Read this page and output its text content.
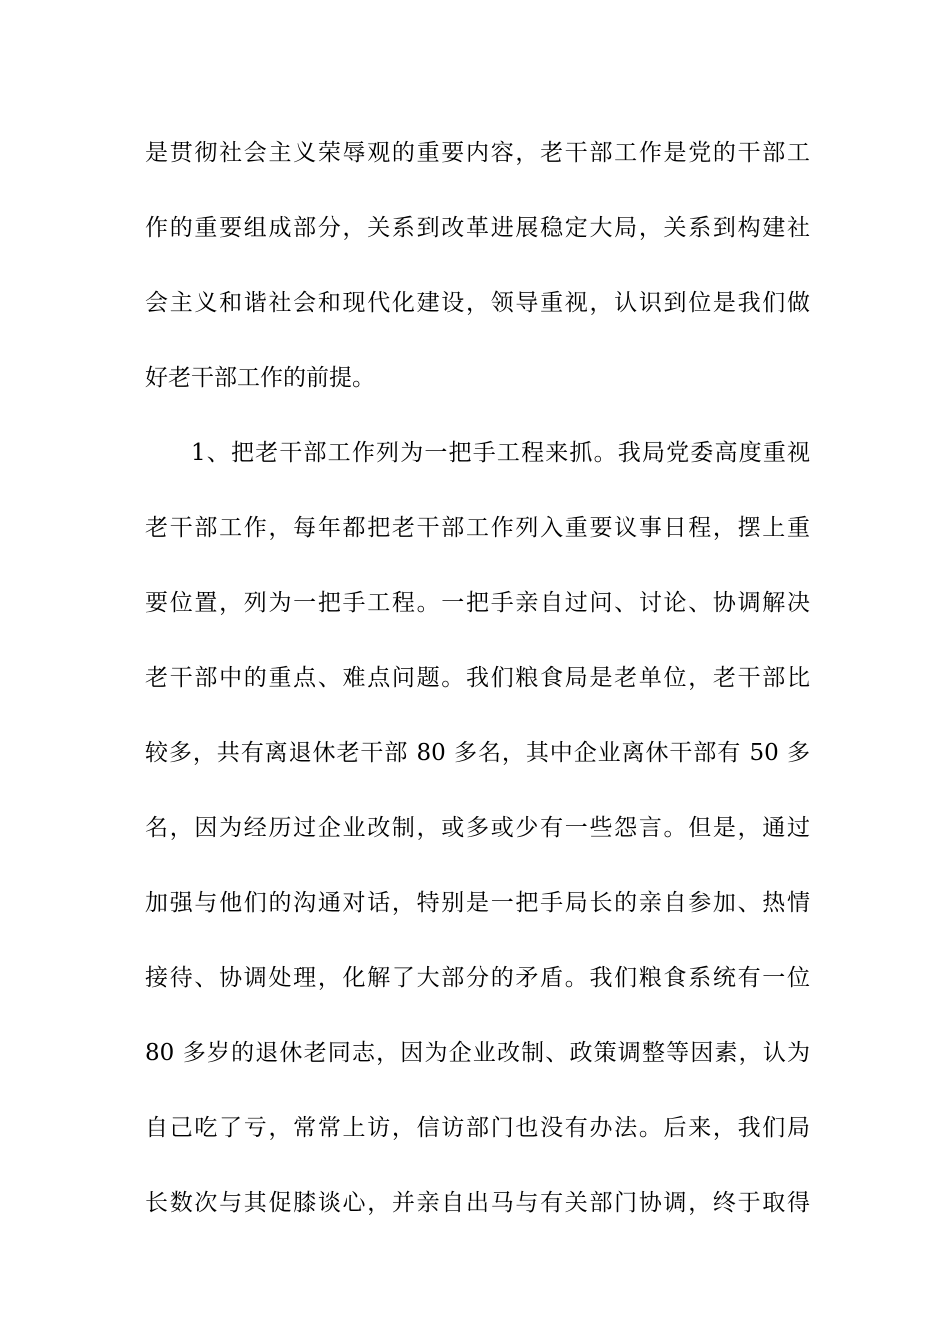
是贯彻社会主义荣辱观的重要内容，老干部工作是党的干部工
作的重要组成部分，关系到改革进展稳定大局，关系到构建社
会主义和谐社会和现代化建设，领导重视，认识到位是我们做
好老干部工作的前提。
1、把老干部工作列为一把手工程来抓。我局党委高度重视
老干部工作，每年都把老干部工作列入重要议事日程，摆上重
要位置，列为一把手工程。一把手亲自过问、讨论、协调解决
老干部中的重点、难点问题。我们粮食局是老单位，老干部比
较多，共有离退休老干部 80 多名，其中企业离休干部有 50 多
名，因为经历过企业改制，或多或少有一些怨言。但是，通过
加强与他们的沟通对话，特别是一把手局长的亲自参加、热情
接待、协调处理，化解了大部分的矛盾。我们粮食系统有一位
80 多岁的退休老同志，因为企业改制、政策调整等因素，认为
自己吃了亏，常常上访，信访部门也没有办法。后来，我们局
长数次与其促膝谈心，并亲自出马与有关部门协调，终于取得
